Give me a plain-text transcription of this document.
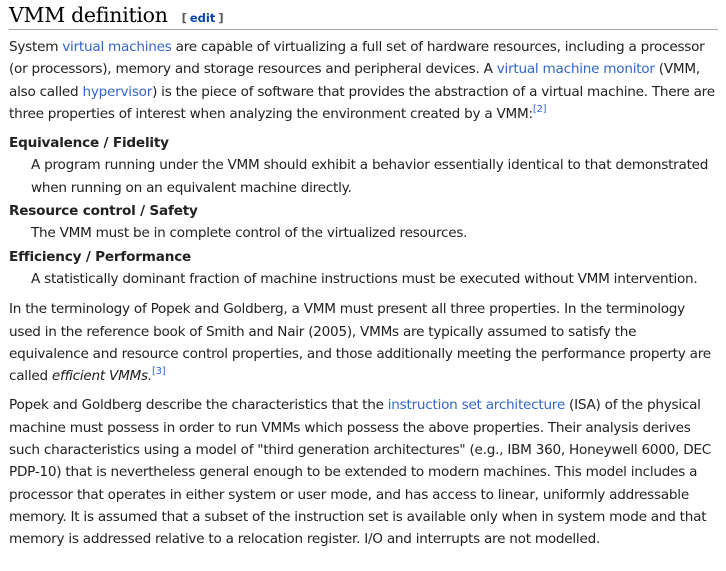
VMM definition [ edit ]

System virtual machines are capable of virtualizing a full set of hardware resources, including a processor (or processors), memory and storage resources and peripheral devices. A virtual machine monitor (VMM, also called hypervisor) is the piece of software that provides the abstraction of a virtual machine. There are three properties of interest when analyzing the environment created by a VMM:[2]

Equivalence / Fidelity
A program running under the VMM should exhibit a behavior essentially identical to that demonstrated when running on an equivalent machine directly.
Resource control / Safety
The VMM must be in complete control of the virtualized resources.
Efficiency / Performance
A statistically dominant fraction of machine instructions must be executed without VMM intervention.

In the terminology of Popek and Goldberg, a VMM must present all three properties. In the terminology used in the reference book of Smith and Nair (2005), VMMs are typically assumed to satisfy the equivalence and resource control properties, and those additionally meeting the performance property are called efficient VMMs.[3]

Popek and Goldberg describe the characteristics that the instruction set architecture (ISA) of the physical machine must possess in order to run VMMs which possess the above properties. Their analysis derives such characteristics using a model of "third generation architectures" (e.g., IBM 360, Honeywell 6000, DEC PDP-10) that is nevertheless general enough to be extended to modern machines. This model includes a processor that operates in either system or user mode, and has access to linear, uniformly addressable memory. It is assumed that a subset of the instruction set is available only when in system mode and that memory is addressed relative to a relocation register. I/O and interrupts are not modelled.
